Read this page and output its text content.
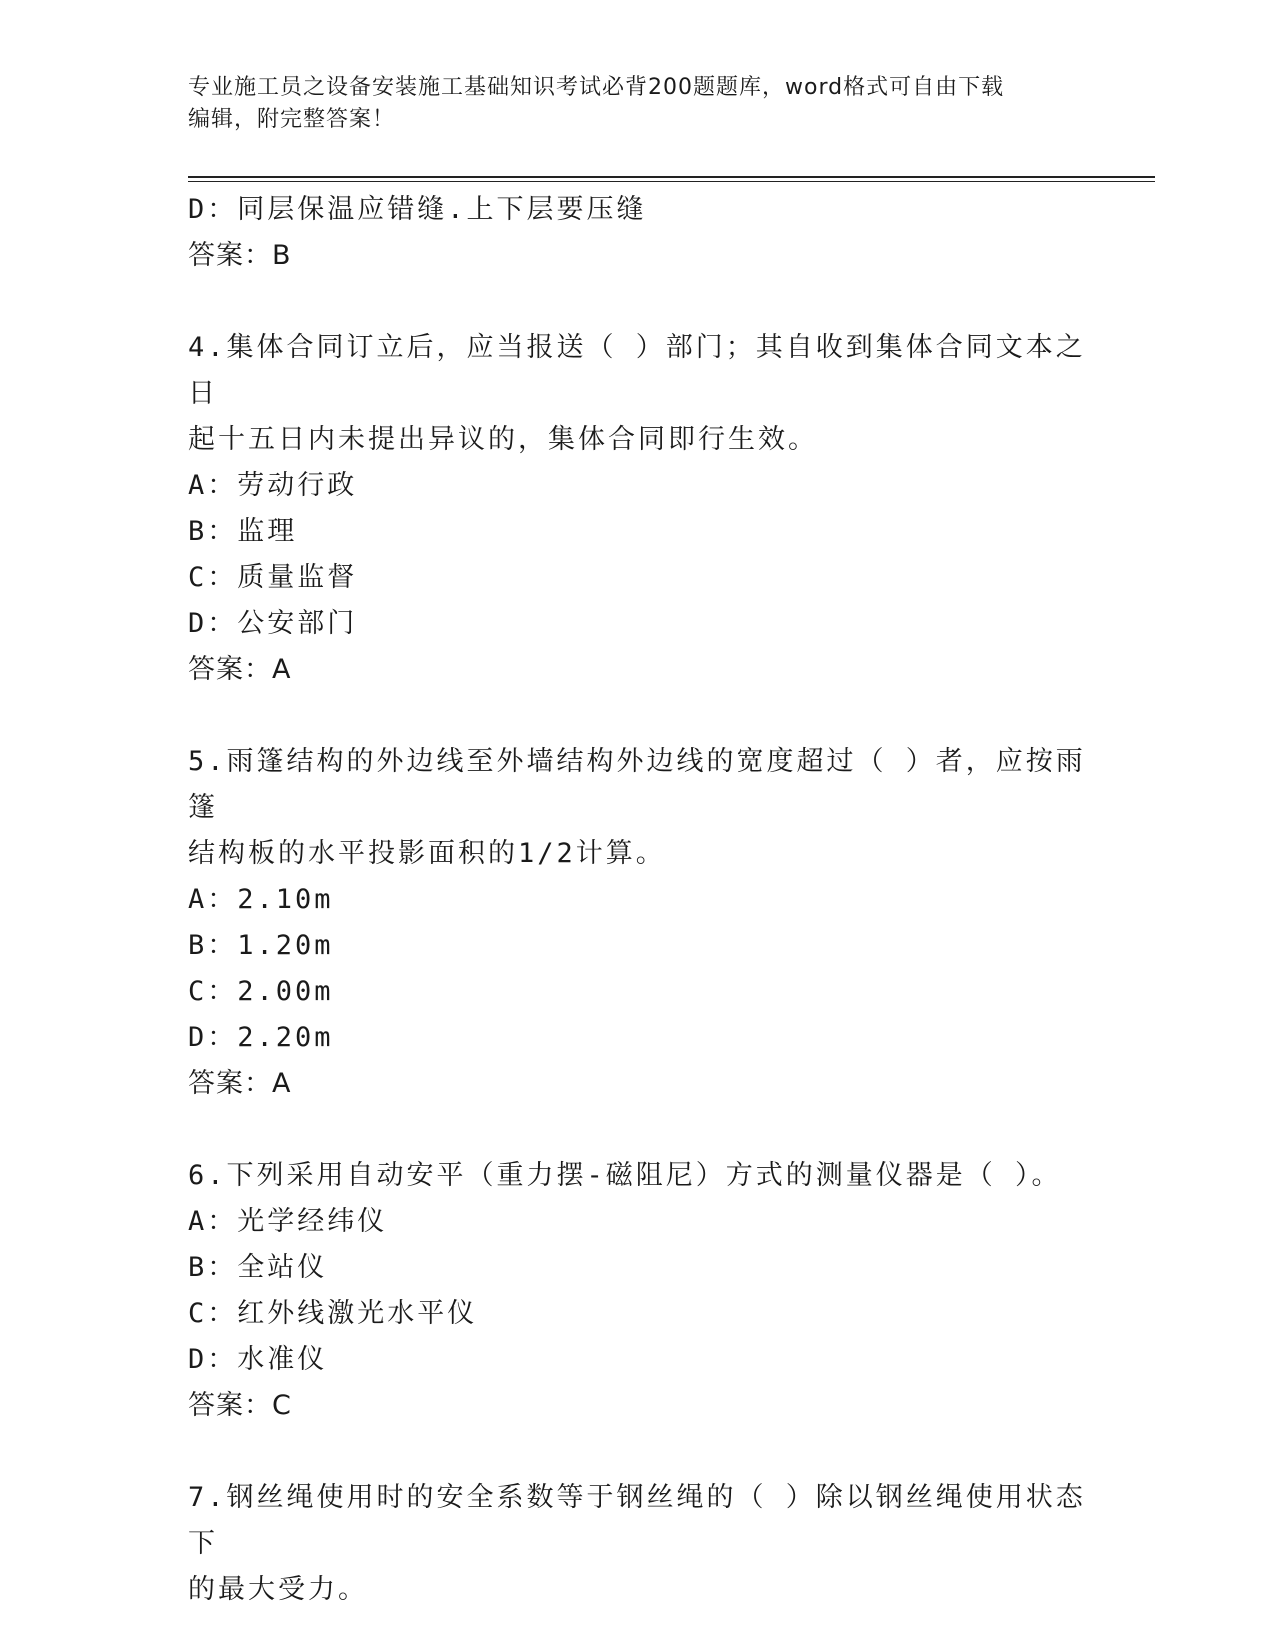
专业施工员之设备安装施工基础知识考试必背200题题库，word格式可自由下载
编辑，附完整答案！
D：同层保温应错缝.上下层要压缝
答案：B
4.集体合同订立后，应当报送（ ）部门；其自收到集体合同文本之日
起十五日内未提出异议的，集体合同即行生效。
A：劳动行政
B：监理
C：质量监督
D：公安部门
答案：A
5.雨篷结构的外边线至外墙结构外边线的宽度超过（ ）者，应按雨篷
结构板的水平投影面积的1/2计算。
A：2.10m
B：1.20m
C：2.00m
D：2.20m
答案：A
6.下列采用自动安平（重力摆-磁阻尼）方式的测量仪器是（ ）。
A：光学经纬仪
B：全站仪
C：红外线激光水平仪
D：水准仪
答案：C
7.钢丝绳使用时的安全系数等于钢丝绳的（ ）除以钢丝绳使用状态下
的最大受力。
